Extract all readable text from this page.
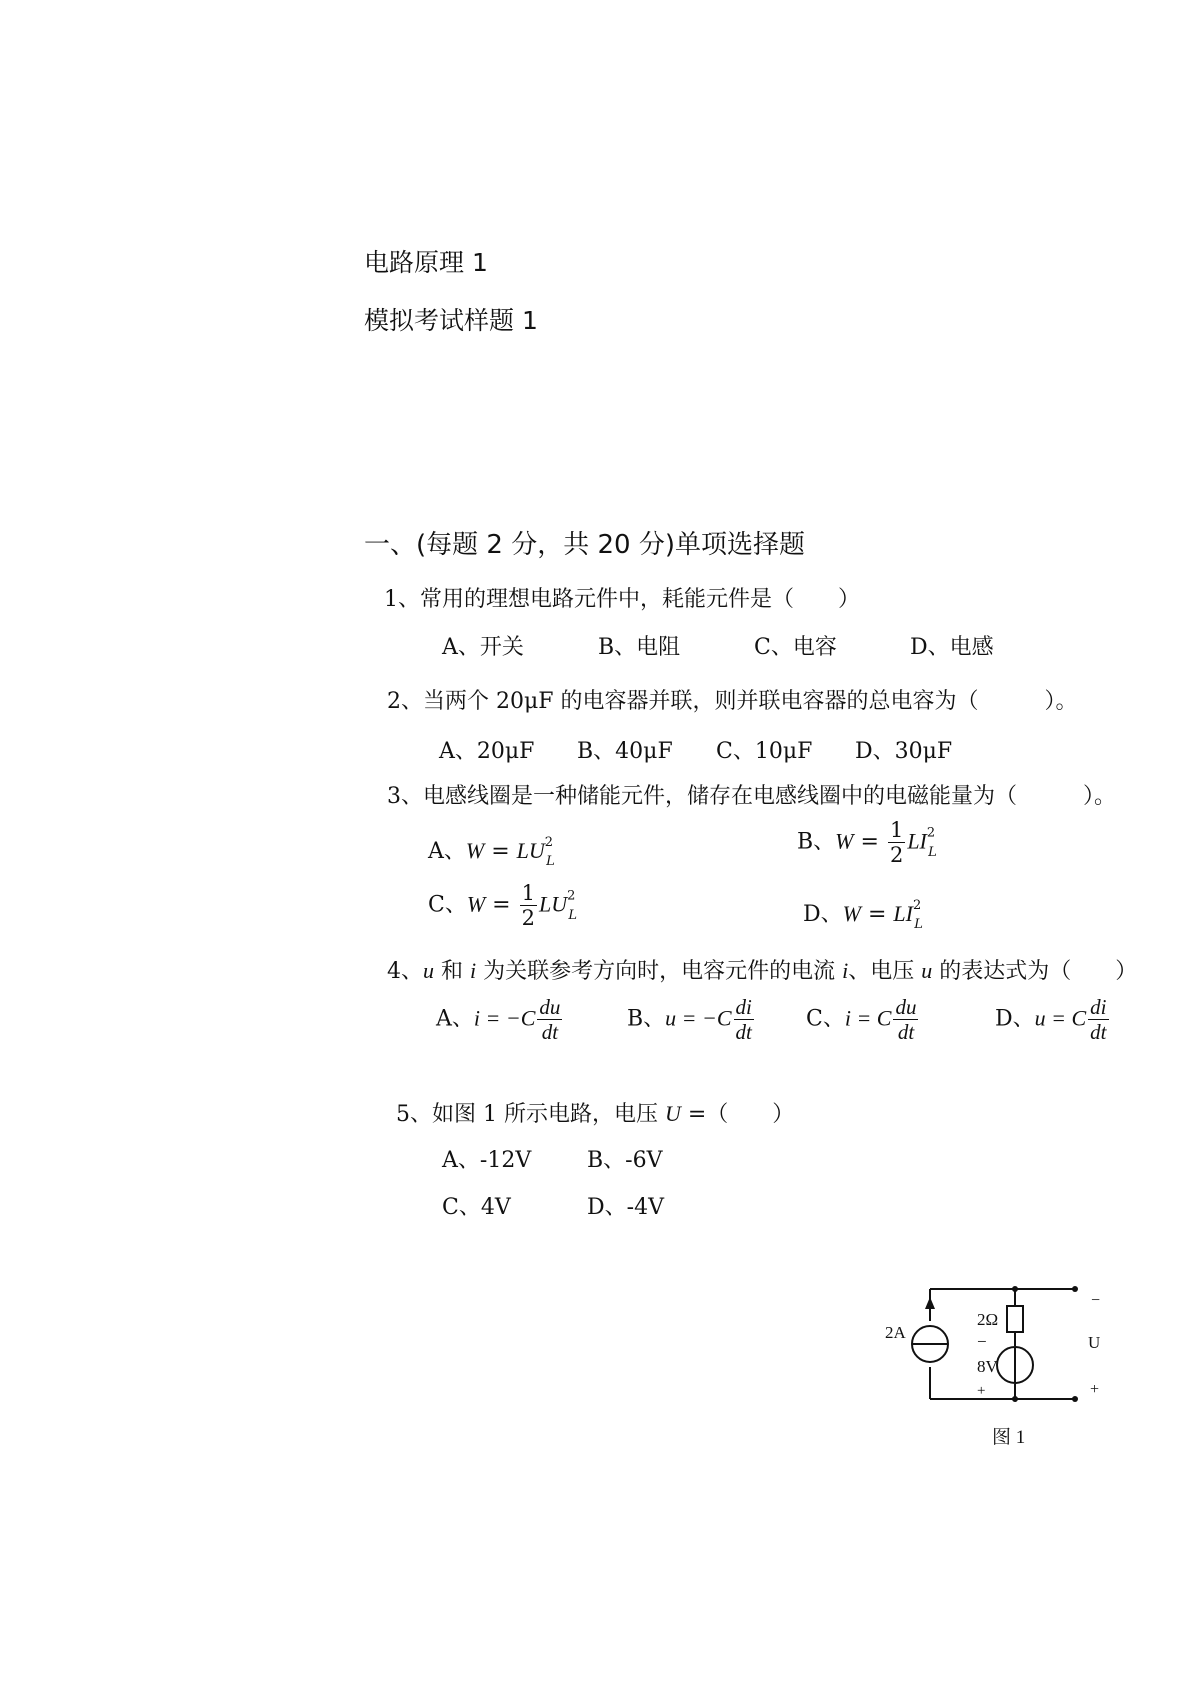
电路原理 1
模拟考试样题 1
一、(每题 2 分，共 20 分)单项选择题
1、常用的理想电路元件中，耗能元件是（　　）
A、开关	B、电阻	C、电容	D、电感
2、当两个 20μF 的电容器并联，则并联电容器的总电容为（　　　）。
A、20μF B、40μF C、10μF D、30μF
3、电感线圈是一种储能元件，储存在电感线圈中的电磁能量为（　　　）。
A、$W = LU^2_L$
B、$W = \frac{1}{2} LI^2_L$
C、$W = \frac{1}{2} LU^2_L$	D、$W = LI^2_L$
4、u 和 i 为关联参考方向时，电容元件的电流 i、电压 u 的表达式为（　　）
A、$i = -C \frac{du}{dt}$	B、$u = -C \frac{di}{dt}$ C、i = C $\frac{du}{dt}$	D、u = C $\frac{di}{dt}$
5、如图 1 所示电路，电压 U =（　　）
A、-12V	B、-6V
C、4V	D、-4V
2A
2Ω
−
8V
+
−
U
+
图 1
